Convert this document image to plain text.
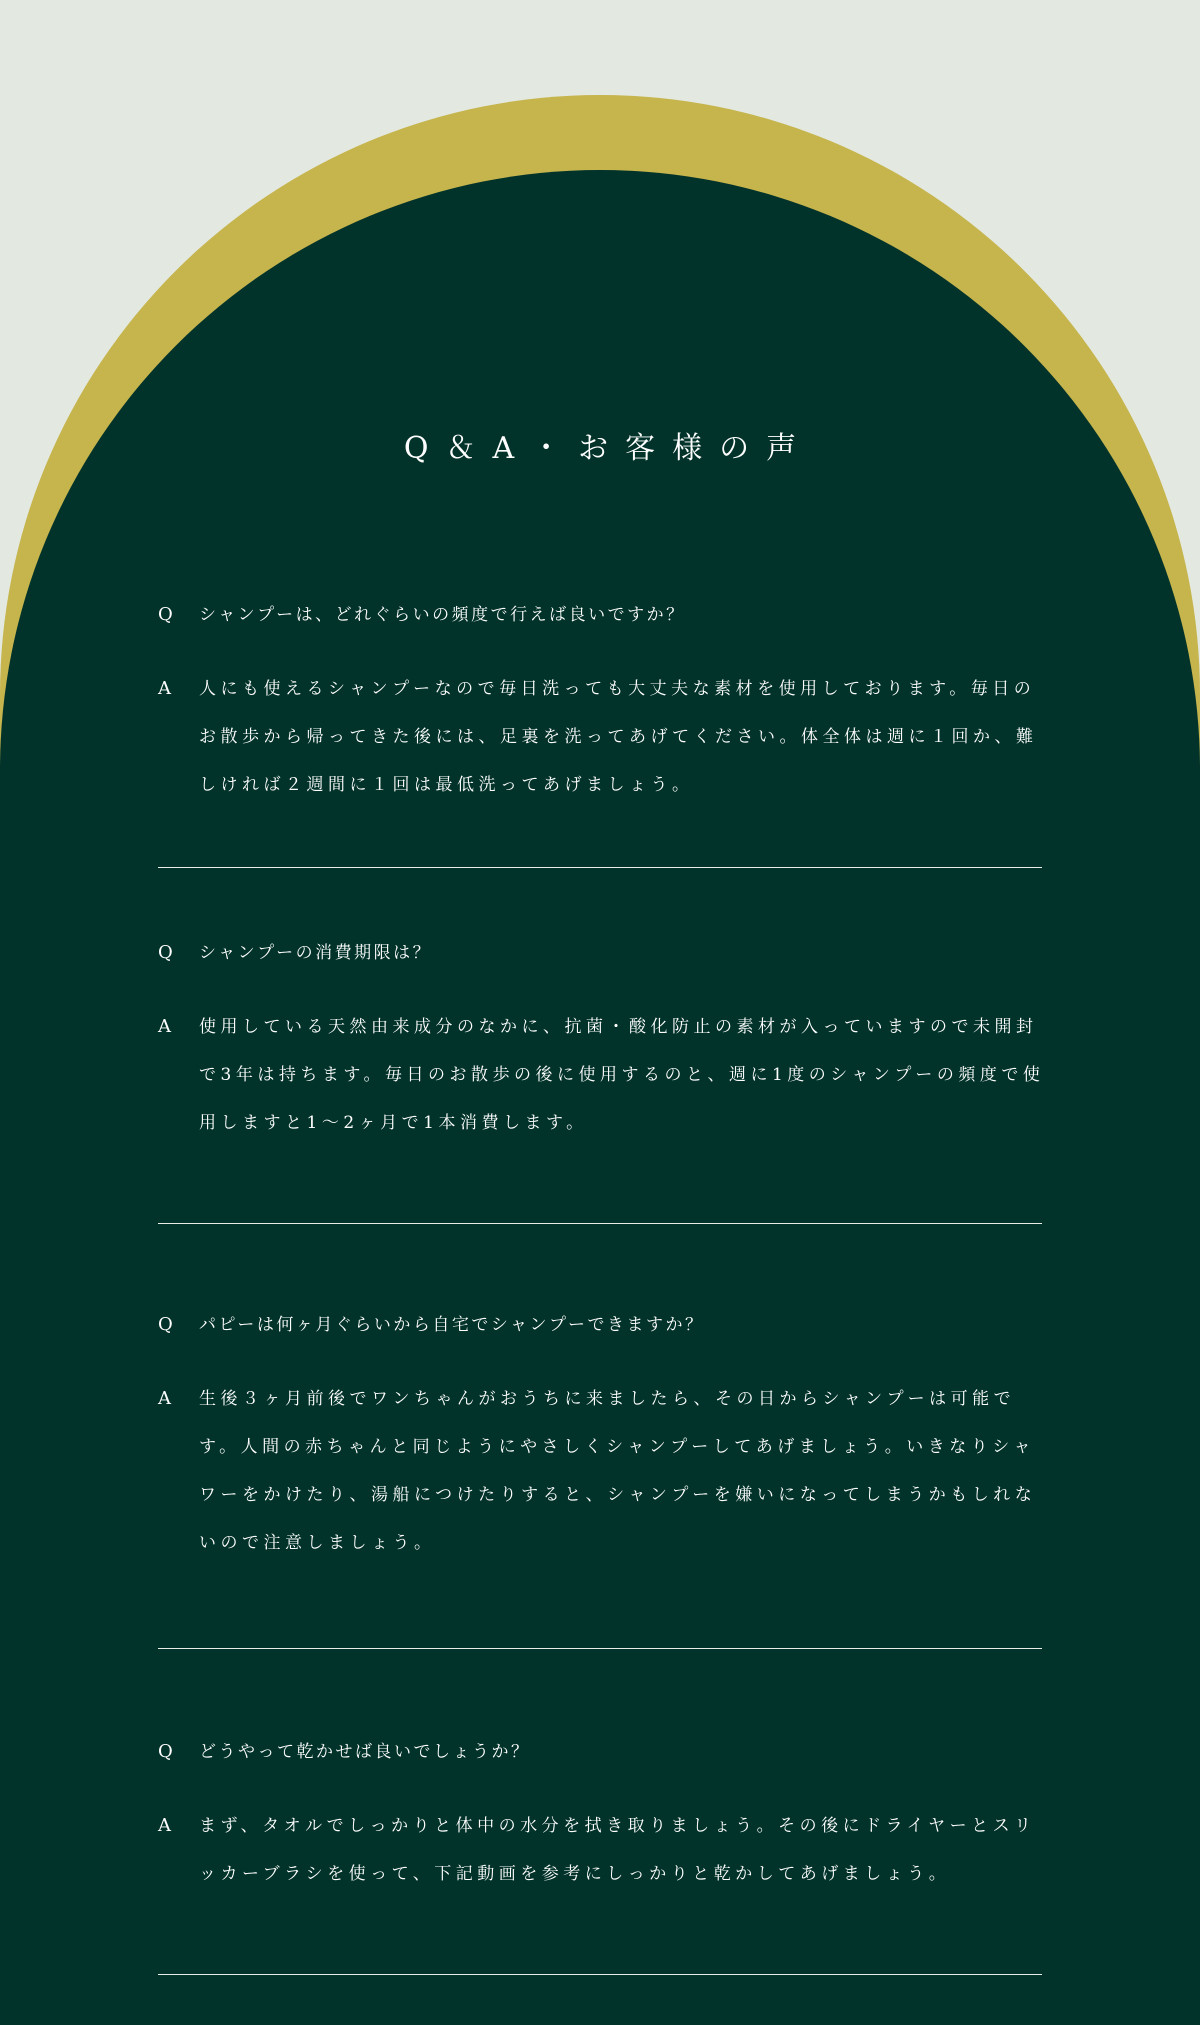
Q＆A・お客様の声
Q シャンプーは、どれぐらいの頻度で行えば良いですか？

A 人にも使えるシャンプーなので毎日洗っても大丈夫な素材を使用しております。毎日のお散歩から帰ってきた後には、足裏を洗ってあげてください。体全体は週に１回か、難しければ２週間に１回は最低洗ってあげましょう。

Q シャンプーの消費期限は？

A 使用している天然由来成分のなかに、抗菌・酸化防止の素材が入っていますので未開封で3年は持ちます。毎日のお散歩の後に使用するのと、週に1度のシャンプーの頻度で使用しますと1〜2ヶ月で1本消費します。

Q パピーは何ヶ月ぐらいから自宅でシャンプーできますか？

A 生後３ヶ月前後でワンちゃんがおうちに来ましたら、その日からシャンプーは可能です。人間の赤ちゃんと同じようにやさしくシャンプーしてあげましょう。いきなりシャワーをかけたり、湯船につけたりすると、シャンプーを嫌いになってしまうかもしれないので注意しましょう。

Q どうやって乾かせば良いでしょうか？

A まず、タオルでしっかりと体中の水分を拭き取りましょう。その後にドライヤーとスリッカーブラシを使って、下記動画を参考にしっかりと乾かしてあげましょう。
